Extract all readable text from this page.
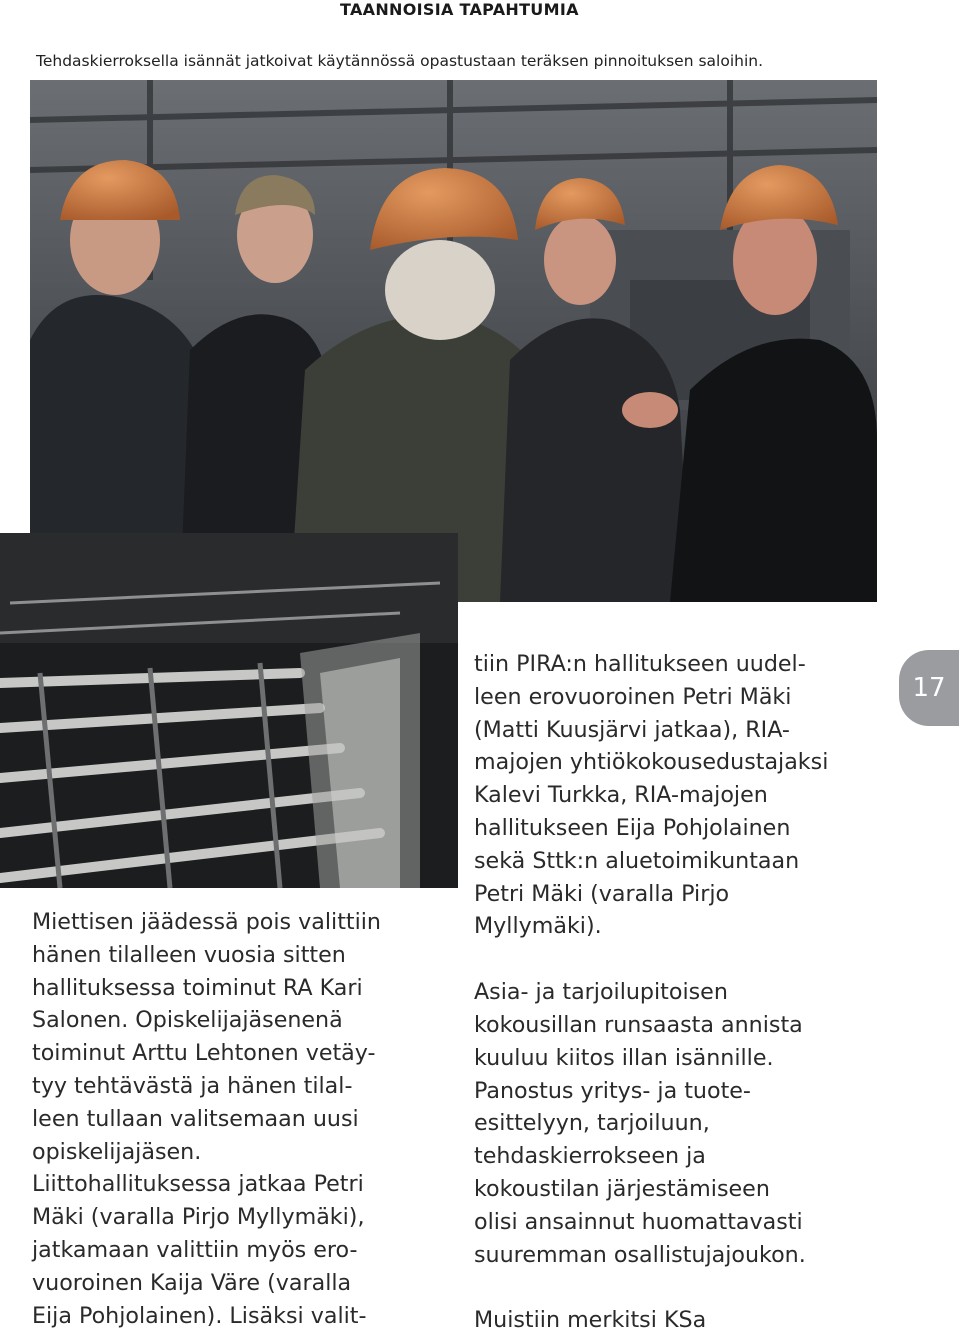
TAANNOISIA TAPAHTUMIA
Tehdaskierroksella isännät jatkoivat käytännössä opastustaan teräksen pinnoituksen saloihin.
17

Miettisen jäädessä pois valittiin

hänen tilalleen vuosia sitten

hallituksessa toiminut RA Kari

Salonen. Opiskelijajäsenenä

toiminut Arttu Lehtonen vetäy-

tyy tehtävästä ja hänen tilal-

leen tullaan valitsemaan uusi

opiskelijajäsen.

Liittohallituksessa jatkaa Petri

Mäki (varalla Pirjo Myllymäki),

jatkamaan valittiin myös ero-

vuoroinen Kaija Väre (varalla

Eija Pohjolainen). Lisäksi valit-

tiin PIRA:n hallitukseen uudel-

leen erovuoroinen Petri Mäki

(Matti Kuusjärvi jatkaa), RIA-

majojen yhtiökokousedustajaksi

Kalevi Turkka, RIA-majojen

hallitukseen Eija Pohjolainen

sekä Sttk:n aluetoimikuntaan

Petri Mäki (varalla Pirjo

Myllymäki).

Asia- ja tarjoilupitoisen

kokousillan runsaasta annista

kuuluu kiitos illan isännille.

Panostus yritys- ja tuote-

esittelyyn, tarjoiluun,

tehdaskierrokseen ja

kokoustilan järjestämiseen

olisi ansainnut huomattavasti

suuremman osallistujajoukon.

Muistiin merkitsi KSa
